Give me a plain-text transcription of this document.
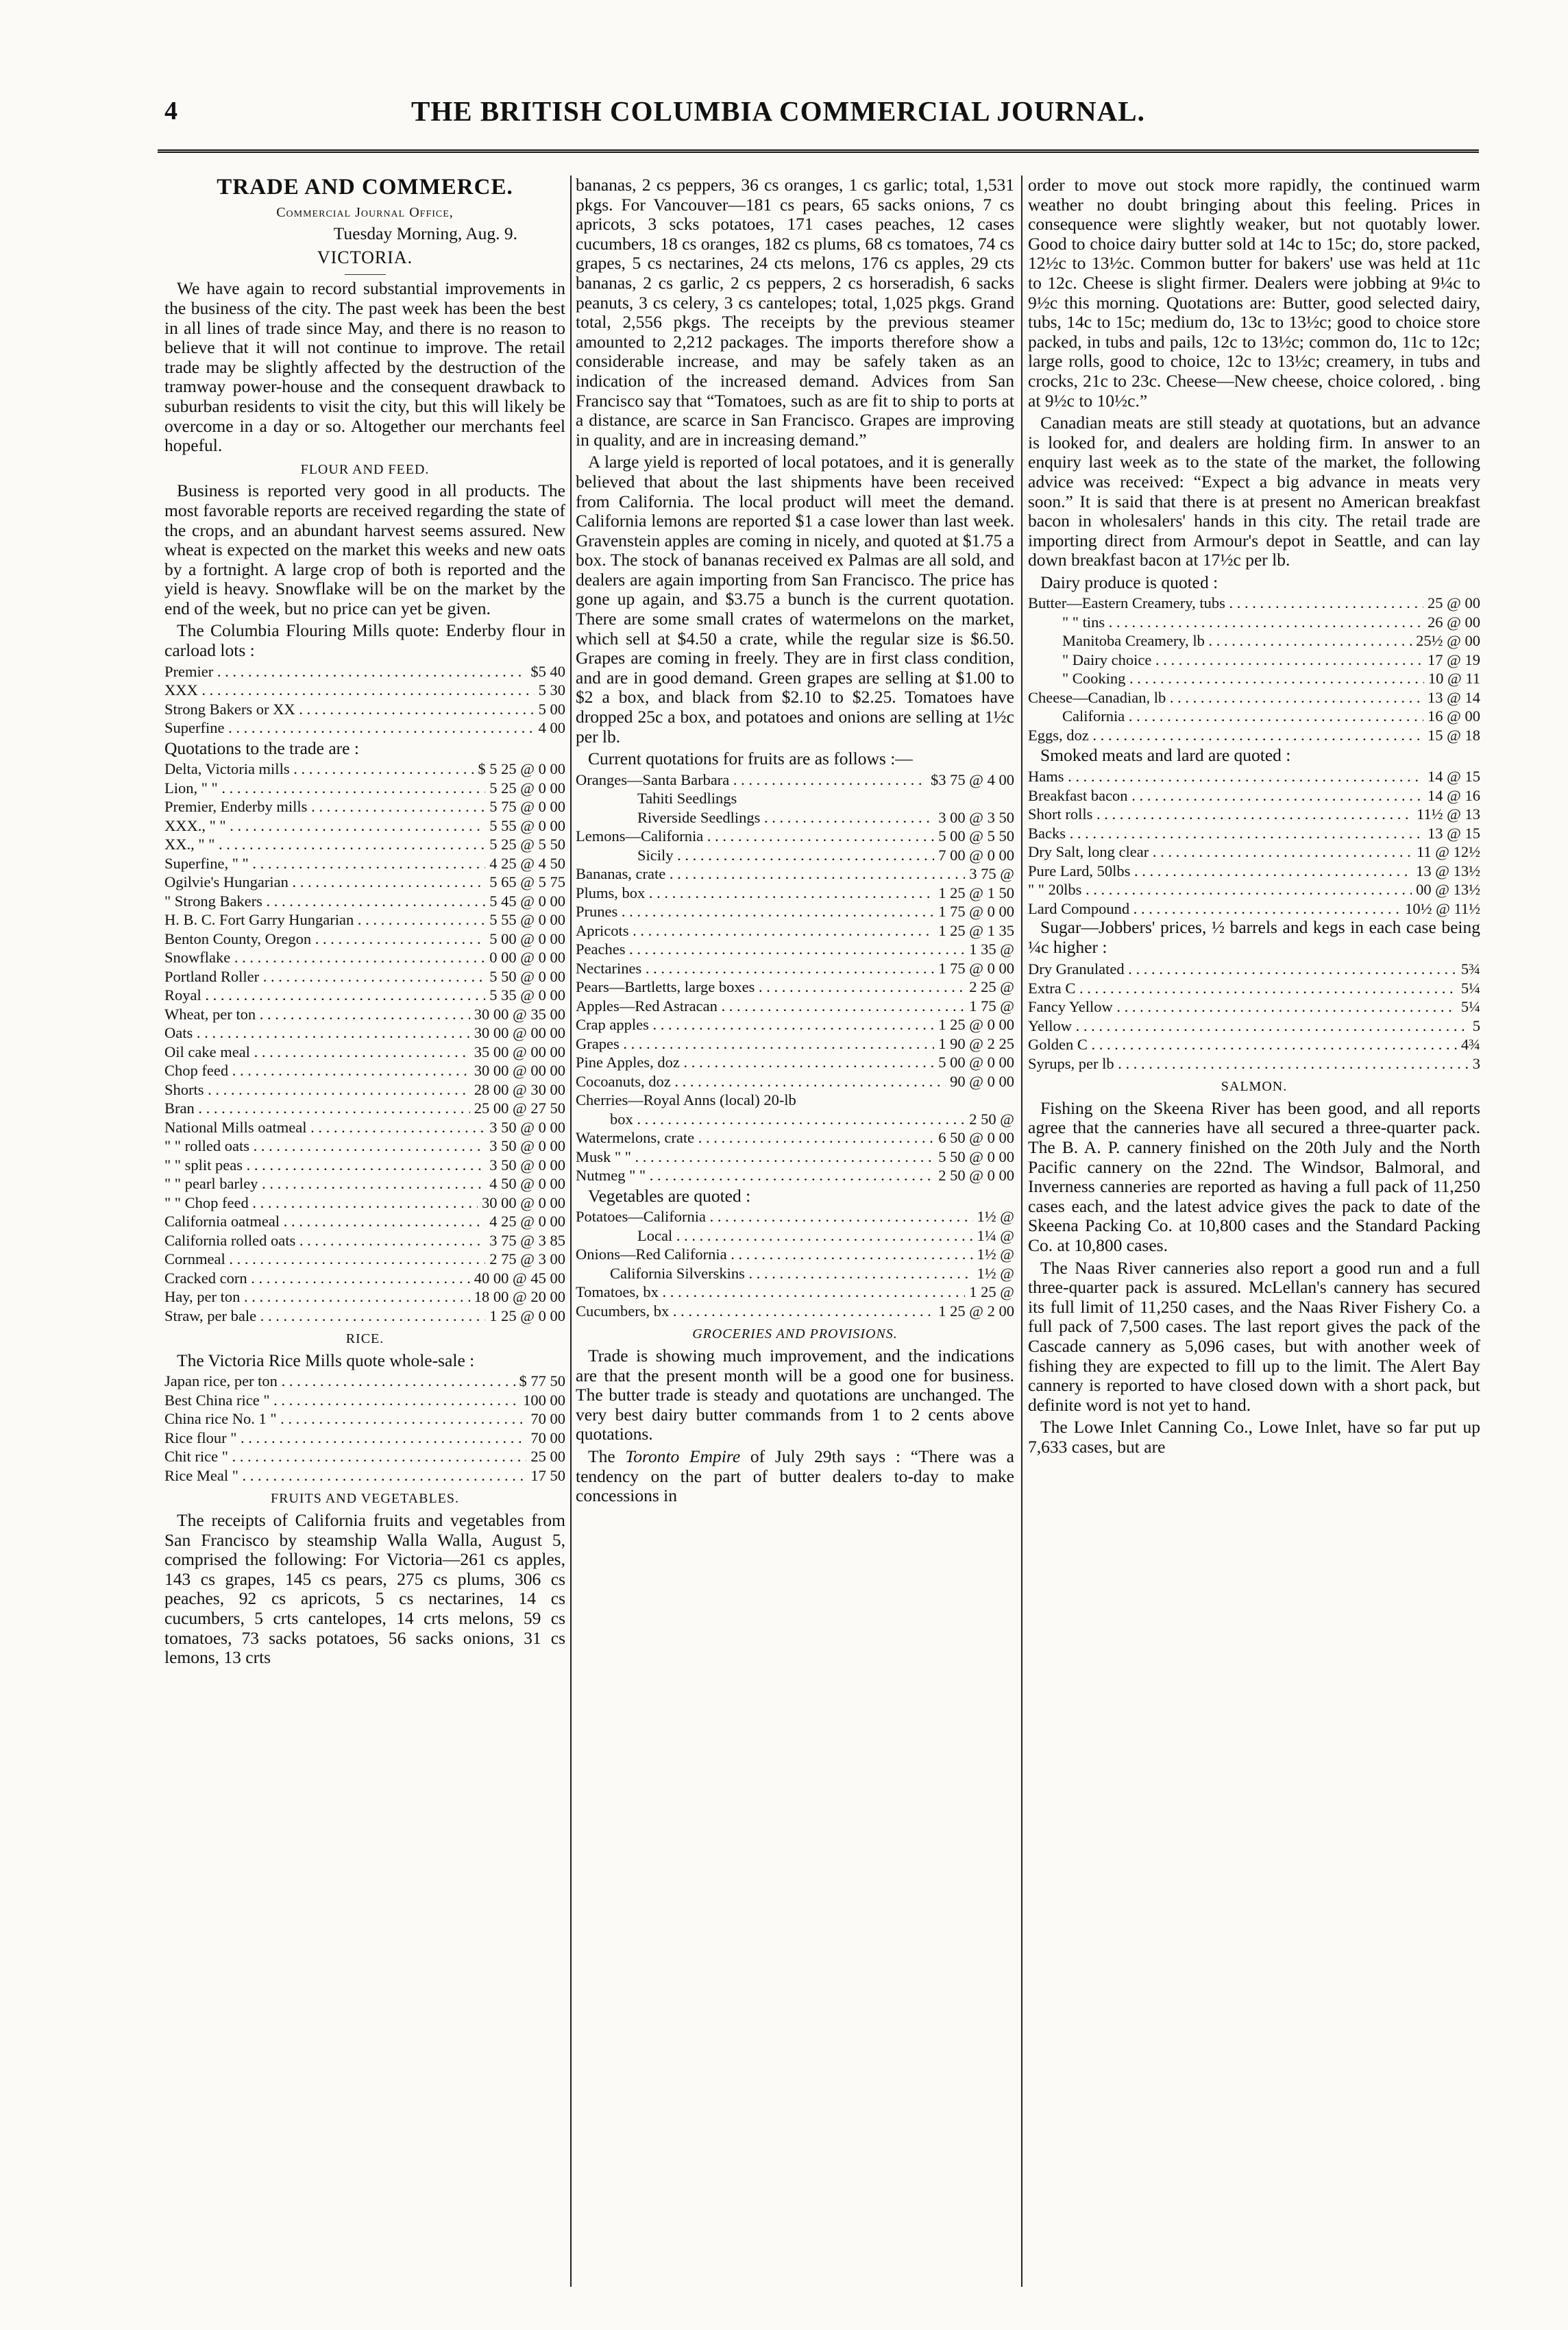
4	THE BRITISH COLUMBIA COMMERCIAL JOURNAL.
TRADE AND COMMERCE.
Commercial Journal Office,
Tuesday Morning, Aug. 9.
VICTORIA.

We have again to record substantial improvements in the business of the city. The past week has been the best in all lines of trade since May, and there is no reason to believe that it will not continue to improve. The retail trade may be slightly affected by the destruction of the tramway power-house and the consequent drawback to suburban residents to visit the city, but this will likely be overcome in a day or so. Altogether our merchants feel hopeful.

FLOUR AND FEED.

Business is reported very good in all products. The most favorable reports are received regarding the state of the crops, and an abundant harvest seems assured. New wheat is expected on the market this weeks and new oats by a fortnight. A large crop of both is reported and the yield is heavy. Snowflake will be on the market by the end of the week, but no price can yet be given.

The Columbia Flouring Mills quote: Enderby flour in carload lots :

Premier . . .	$5 40
XXX . . .	5 30
Strong Bakers or XX . . .	5 00
Superfine . . .	4 00
Quotations to the trade are :
Delta, Victoria mills . . .	$ 5 25 @ 0 00
Lion, " " . . .	5 25 @ 0 00
Premier, Enderby mills . . .	5 75 @ 0 00
XXX., " " . . .	5 55 @ 0 00
XX., " " . . .	5 25 @ 5 50
Superfine, " " . . .	4 25 @ 4 50
Ogilvie's Hungarian . . .	5 65 @ 5 75
" Strong Bakers . . .	5 45 @ 0 00
H. B. C. Fort Garry Hungarian . . .	5 55 @ 0 00
Benton County, Oregon . . .	5 00 @ 0 00
Snowflake . . .	0 00 @ 0 00
Portland Roller . . .	5 50 @ 0 00
Royal . . .	5 35 @ 0 00
Wheat, per ton . . .	30 00 @ 35 00
Oats . . .	30 00 @ 00 00
Oil cake meal . . .	35 00 @ 00 00
Chop feed . . .	30 00 @ 00 00
Shorts . . .	28 00 @ 30 00
Bran . . .	25 00 @ 27 50
National Mills oatmeal . . .	3 50 @ 0 00
" " rolled oats . . .	3 50 @ 0 00
" " split peas . . .	3 50 @ 0 00
" " pearl barley . . .	4 50 @ 0 00
" " Chop feed . . .	30 00 @ 0 00
California oatmeal . . .	4 25 @ 0 00
California rolled oats . . .	3 75 @ 3 85
Cornmeal . . .	2 75 @ 3 00
Cracked corn . . .	40 00 @ 45 00
Hay, per ton . . .	18 00 @ 20 00
Straw, per bale . . .	1 25 @ 0 00
RICE.

The Victoria Rice Mills quote whole-sale :

Japan rice, per ton . . .	$ 77 50
Best China rice " . . .	100 00
China rice No. 1 " . . .	70 00
Rice flour " . . .	70 00
Chit rice " . . .	25 00
Rice Meal " . . .	17 50
FRUITS AND VEGETABLES.

The receipts of California fruits and vegetables from San Francisco by steamship Walla Walla, August 5, comprised the following: For Victoria—261 cs apples, 143 cs grapes, 145 cs pears, 275 cs plums, 306 cs peaches, 92 cs apricots, 5 cs nectarines, 14 cs cucumbers, 5 crts cantelopes, 14 crts melons, 59 cs tomatoes, 73 sacks potatoes, 56 sacks onions, 31 cs lemons, 13 crts

bananas, 2 cs peppers, 36 cs oranges, 1 cs garlic; total, 1,531 pkgs. For Vancouver—181 cs pears, 65 sacks onions, 7 cs apricots, 3 scks potatoes, 171 cases peaches, 12 cases cucumbers, 18 cs oranges, 182 cs plums, 68 cs tomatoes, 74 cs grapes, 5 cs nectarines, 24 cts melons, 176 cs apples, 29 cts bananas, 2 cs garlic, 2 cs peppers, 2 cs horseradish, 6 sacks peanuts, 3 cs celery, 3 cs cantelopes; total, 1,025 pkgs. Grand total, 2,556 pkgs. The receipts by the previous steamer amounted to 2,212 packages. The imports therefore show a considerable increase, and may be safely taken as an indication of the increased demand. Advices from San Francisco say that “Tomatoes, such as are fit to ship to ports at a distance, are scarce in San Francisco. Grapes are improving in quality, and are in increasing demand.”

A large yield is reported of local potatoes, and it is generally believed that about the last shipments have been received from California. The local product will meet the demand. California lemons are reported $1 a case lower than last week. Gravenstein apples are coming in nicely, and quoted at $1.75 a box. The stock of bananas received ex Palmas are all sold, and dealers are again importing from San Francisco. The price has gone up again, and $3.75 a bunch is the current quotation. There are some small crates of watermelons on the market, which sell at $4.50 a crate, while the regular size is $6.50. Grapes are coming in freely. They are in first class condition, and are in good demand. Green grapes are selling at $1.00 to $2 a box, and black from $2.10 to $2.25. Tomatoes have dropped 25c a box, and potatoes and onions are selling at 1½c per lb.

Current quotations for fruits are as follows :—

Oranges—Santa Barbara . . .	$3 75 @ 4 00
Tahiti Seedlings
Riverside Seedlings . . .	3 00 @ 3 50
Lemons—California . . .	5 00 @ 5 50
Sicily . . .	7 00 @ 0 00
Bananas, crate . . .	3 75 @
Plums, box . . .	1 25 @ 1 50
Prunes . . .	1 75 @ 0 00
Apricots . . .	1 25 @ 1 35
Peaches . . .	1 35 @
Nectarines . . .	1 75 @ 0 00
Pears—Bartletts, large boxes . . .	2 25 @
Apples—Red Astracan . . .	1 75 @
Crap apples . . .	1 25 @ 0 00
Grapes . . .	1 90 @ 2 25
Pine Apples, doz . . .	5 00 @ 0 00
Cocoanuts, doz . . .	90 @ 0 00
Cherries—Royal Anns (local) 20-lb
box . . .	2 50 @
Watermelons, crate . . .	6 50 @ 0 00
Musk " " . . .	5 50 @ 0 00
Nutmeg " " . . .	2 50 @ 0 00

Vegetables are quoted :

Potatoes—California . . .	1½ @
Local . . .	1¼ @
Onions—Red California . . .	1½ @
California Silverskins . . .	1½ @
Tomatoes, bx . . .	1 25 @
Cucumbers, bx . . .	1 25 @ 2 00
GROCERIES AND PROVISIONS.

Trade is showing much improvement, and the indications are that the present month will be a good one for business. The butter trade is steady and quotations are unchanged. The very best dairy butter commands from 1 to 2 cents above quotations.

The Toronto Empire of July 29th says : “There was a tendency on the part of butter dealers to-day to make concessions in

order to move out stock more rapidly, the continued warm weather no doubt bringing about this feeling. Prices in consequence were slightly weaker, but not quotably lower. Good to choice dairy butter sold at 14c to 15c; do, store packed, 12½c to 13½c. Common butter for bakers' use was held at 11c to 12c. Cheese is slight firmer. Dealers were jobbing at 9¼c to 9½c this morning. Quotations are: Butter, good selected dairy, tubs, 14c to 15c; medium do, 13c to 13½c; good to choice store packed, in tubs and pails, 12c to 13½c; common do, 11c to 12c; large rolls, good to choice, 12c to 13½c; creamery, in tubs and crocks, 21c to 23c. Cheese—New cheese, choice colored, . bing at 9½c to 10½c.”

Canadian meats are still steady at quotations, but an advance is looked for, and dealers are holding firm. In answer to an enquiry last week as to the state of the market, the following advice was received: “Expect a big advance in meats very soon.” It is said that there is at present no American breakfast bacon in wholesalers' hands in this city. The retail trade are importing direct from Armour's depot in Seattle, and can lay down breakfast bacon at 17½c per lb.

Dairy produce is quoted :

Butter—Eastern Creamery, tubs . . .	25 @ 00
" " tins . . .	26 @ 00
Manitoba Creamery, lb . . .	25½ @ 00
" Dairy choice . . .	17 @ 19
" Cooking . . .	10 @ 11
Cheese—Canadian, lb . . .	13 @ 14
California . . .	16 @ 00
Eggs, doz . . .	15 @ 18

Smoked meats and lard are quoted :

Hams . . .	14 @ 15
Breakfast bacon . . .	14 @ 16
Short rolls . . .	11½ @ 13
Backs . . .	13 @ 15
Dry Salt, long clear . . .	11 @ 12½
Pure Lard, 50lbs . . .	13 @ 13½
" " 20lbs . . .	00 @ 13½
Lard Compound . . .	10½ @ 11½

Sugar—Jobbers' prices, ½ barrels and kegs in each case being ¼c higher :

Dry Granulated . . .	5¾
Extra C . . .	5¼
Fancy Yellow . . .	5¼
Yellow . . .	5
Golden C . . .	4¾
Syrups, per lb . . .	3
SALMON.

Fishing on the Skeena River has been good, and all reports agree that the canneries have all secured a three-quarter pack. The B. A. P. cannery finished on the 20th July and the North Pacific cannery on the 22nd. The Windsor, Balmoral, and Inverness canneries are reported as having a full pack of 11,250 cases each, and the latest advice gives the pack to date of the Skeena Packing Co. at 10,800 cases and the Standard Packing Co. at 10,800 cases.

The Naas River canneries also report a good run and a full three-quarter pack is assured. McLellan's cannery has secured its full limit of 11,250 cases, and the Naas River Fishery Co. a full pack of 7,500 cases. The last report gives the pack of the Cascade cannery as 5,096 cases, but with another week of fishing they are expected to fill up to the limit. The Alert Bay cannery is reported to have closed down with a short pack, but definite word is not yet to hand.

The Lowe Inlet Canning Co., Lowe Inlet, have so far put up 7,633 cases, but are
